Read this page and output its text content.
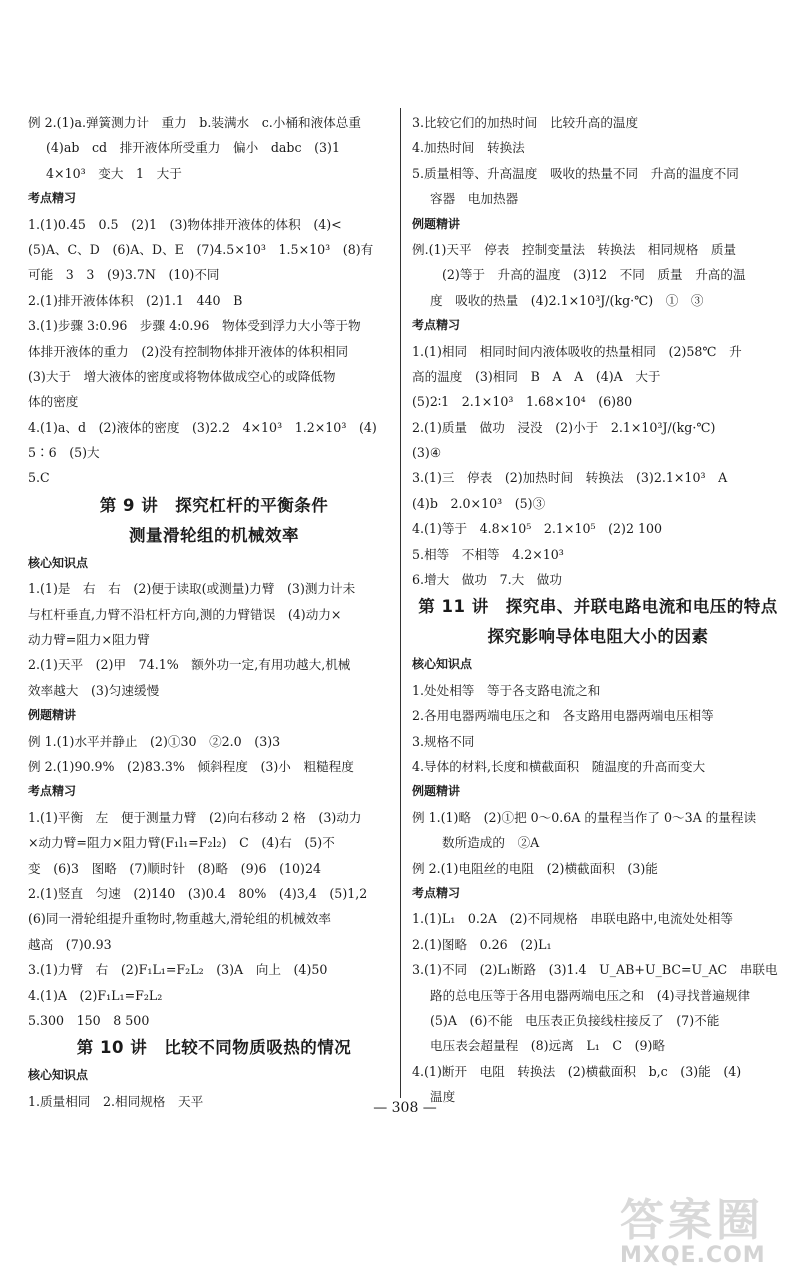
例 2.(1)a.弹簧测力计　重力　b.装满水　c.小桶和液体总重
(4)ab　cd　排开液体所受重力　偏小　dabc　(3)1
4×10³　变大　1　大于
考点精习
1.(1)0.45　0.5　(2)1　(3)物体排开液体的体积　(4)<
(5)A、C、D　(6)A、D、E　(7)4.5×10³　1.5×10³　(8)有
可能　3　3　(9)3.7N　(10)不同
2.(1)排开液体体积　(2)1.1　440　B
3.(1)步骤 3:0.96　步骤 4:0.96　物体受到浮力大小等于物
体排开液体的重力　(2)没有控制物体排开液体的体积相同
(3)大于　增大液体的密度或将物体做成空心的或降低物
体的密度
4.(1)a、d　(2)液体的密度　(3)2.2　4×10³　1.2×10³　(4)
5∶6　(5)大
5.C
第 9 讲　探究杠杆的平衡条件
测量滑轮组的机械效率
核心知识点
1.(1)是　右　右　(2)便于读取(或测量)力臂　(3)测力计未
与杠杆垂直,力臂不沿杠杆方向,测的力臂错误　(4)动力×
动力臂=阻力×阻力臂
2.(1)天平　(2)甲　74.1%　额外功一定,有用功越大,机械
效率越大　(3)匀速缓慢
例题精讲
例 1.(1)水平并静止　(2)①30　②2.0　(3)3
例 2.(1)90.9%　(2)83.3%　倾斜程度　(3)小　粗糙程度
考点精习
1.(1)平衡　左　便于测量力臂　(2)向右移动 2 格　(3)动力
×动力臂=阻力×阻力臂(F₁l₁=F₂l₂)　C　(4)右　(5)不
变　(6)3　图略　(7)顺时针　(8)略　(9)6　(10)24
2.(1)竖直　匀速　(2)140　(3)0.4　80%　(4)3,4　(5)1,2
(6)同一滑轮组提升重物时,物重越大,滑轮组的机械效率
越高　(7)0.93
3.(1)力臂　右　(2)F₁L₁=F₂L₂　(3)A　向上　(4)50
4.(1)A　(2)F₁L₁=F₂L₂
5.300　150　8 500
第 10 讲　比较不同物质吸热的情况
核心知识点
1.质量相同　2.相同规格　天平
3.比较它们的加热时间　比较升高的温度
4.加热时间　转换法
5.质量相等、升高温度　吸收的热量不同　升高的温度不同
容器　电加热器
例题精讲
例.(1)天平　停表　控制变量法　转换法　相同规格　质量
(2)等于　升高的温度　(3)12　不同　质量　升高的温
度　吸收的热量　(4)2.1×10³J/(kg·℃)　①　③
考点精习
1.(1)相同　相同时间内液体吸收的热量相同　(2)58℃　升
高的温度　(3)相同　B　A　A　(4)A　大于
(5)2∶1　2.1×10³　1.68×10⁴　(6)80
2.(1)质量　做功　浸没　(2)小于　2.1×10³J/(kg·℃)
(3)④
3.(1)三　停表　(2)加热时间　转换法　(3)2.1×10³　A
(4)b　2.0×10³　(5)③
4.(1)等于　4.8×10⁵　2.1×10⁵　(2)2 100
5.相等　不相等　4.2×10³
6.增大　做功　7.大　做功
第 11 讲　探究串、并联电路电流和电压的特点
探究影响导体电阻大小的因素
核心知识点
1.处处相等　等于各支路电流之和
2.各用电器两端电压之和　各支路用电器两端电压相等
3.规格不同
4.导体的材料,长度和横截面积　随温度的升高而变大
例题精讲
例 1.(1)略　(2)①把 0～0.6A 的量程当作了 0～3A 的量程读
数所造成的　②A
例 2.(1)电阻丝的电阻　(2)横截面积　(3)能
考点精习
1.(1)L₁　0.2A　(2)不同规格　串联电路中,电流处处相等
2.(1)图略　0.26　(2)L₁
3.(1)不同　(2)L₁断路　(3)1.4　U_AB+U_BC=U_AC　串联电
路的总电压等于各用电器两端电压之和　(4)寻找普遍规律
(5)A　(6)不能　电压表正负接线柱接反了　(7)不能
电压表会超量程　(8)远离　L₁　C　(9)略
4.(1)断开　电阻　转换法　(2)横截面积　b,c　(3)能　(4)
温度
— 308 —
答案圈
MXQE.COM
